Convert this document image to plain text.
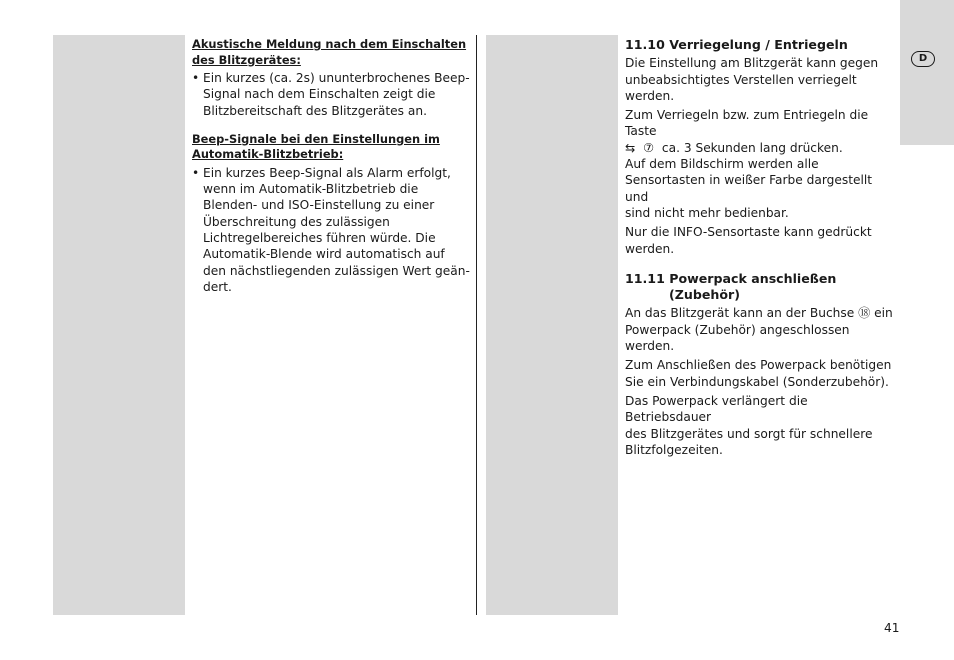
D

Akustische Meldung nach dem Einschalten
des Blitzgerätes:

• Ein kurzes (ca. 2s) ununterbrochenes Beep-
Signal nach dem Einschalten zeigt die
Blitzbereitschaft des Blitzgerätes an.

Beep-Signale bei den Einstellungen im
Automatik-Blitzbetrieb:

• Ein kurzes Beep-Signal als Alarm erfolgt,
wenn im Automatik-Blitzbetrieb die
Blenden- und ISO-Einstellung zu einer
Überschreitung des zulässigen
Lichtregelbereiches führen würde. Die
Automatik-Blende wird automatisch auf
den nächstliegenden zulässigen Wert geän-
dert.

11.10 Verriegelung / Entriegeln

Die Einstellung am Blitzgerät kann gegen
unbeabsichtigtes Verstellen verriegelt
werden.

Zum Verriegeln bzw. zum Entriegeln die Taste
⇆ ⑦ ca. 3 Sekunden lang drücken.
Auf dem Bildschirm werden alle
Sensortasten in weißer Farbe dargestellt und
sind nicht mehr bedienbar.

Nur die INFO-Sensortaste kann gedrückt
werden.

11.11 Powerpack anschließen
(Zubehör)

An das Blitzgerät kann an der Buchse ⑱ ein
Powerpack (Zubehör) angeschlossen werden.

Zum Anschließen des Powerpack benötigen
Sie ein Verbindungskabel (Sonderzubehör).

Das Powerpack verlängert die Betriebsdauer
des Blitzgerätes und sorgt für schnellere
Blitzfolgezeiten.

41
